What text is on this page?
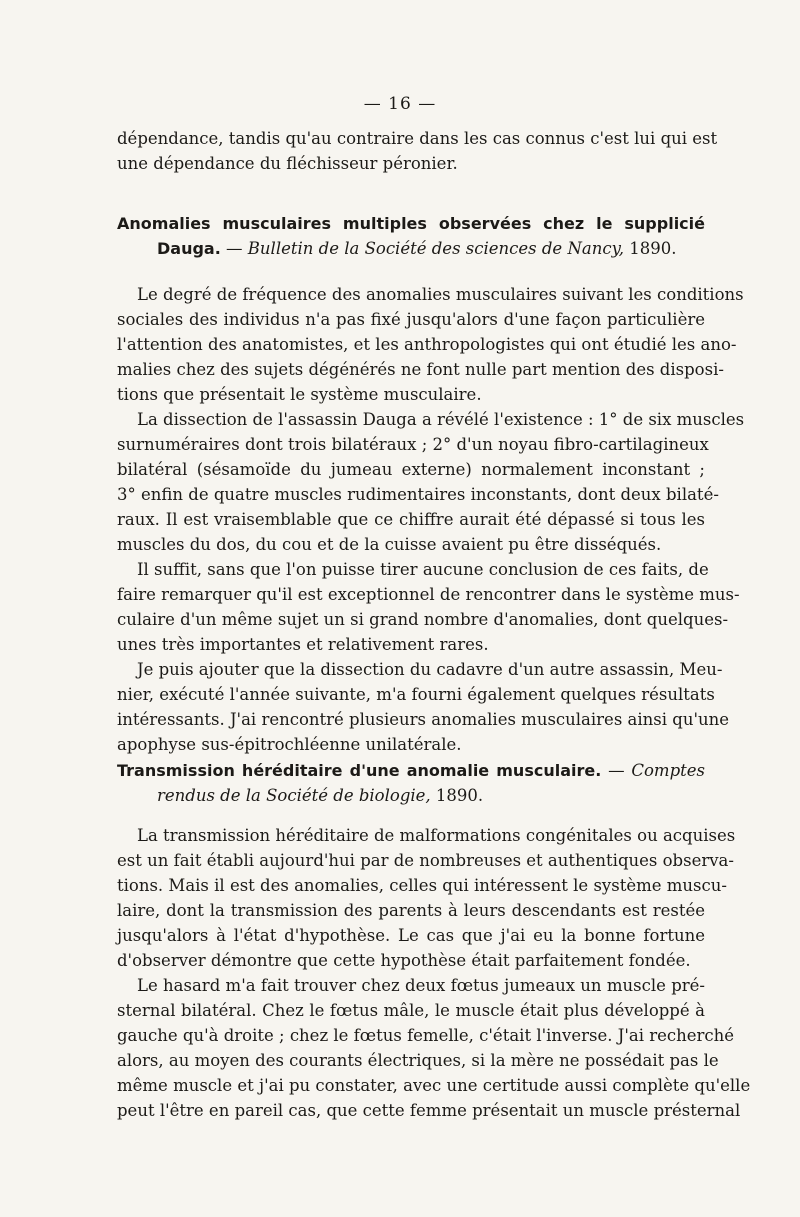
— 16 —
dépendance, tandis qu'au contraire dans les cas connus c'est lui qui est
une dépendance du fléchisseur péronier.
Anomalies musculaires multiples observées chez le supplicié
Dauga. — Bulletin de la Société des sciences de Nancy, 1890.
Le degré de fréquence des anomalies musculaires suivant les conditions
sociales des individus n'a pas fixé jusqu'alors d'une façon particulière
l'attention des anatomistes, et les anthropologistes qui ont étudié les ano-
malies chez des sujets dégénérés ne font nulle part mention des disposi-
tions que présentait le système musculaire.
La dissection de l'assassin Dauga a révélé l'existence : 1° de six muscles
surnuméraires dont trois bilatéraux ; 2° d'un noyau fibro-cartilagineux
bilatéral (sésamoïde du jumeau externe) normalement inconstant ;
3° enfin de quatre muscles rudimentaires inconstants, dont deux bilaté-
raux. Il est vraisemblable que ce chiffre aurait été dépassé si tous les
muscles du dos, du cou et de la cuisse avaient pu être disséqués.
Il suffit, sans que l'on puisse tirer aucune conclusion de ces faits, de
faire remarquer qu'il est exceptionnel de rencontrer dans le système mus-
culaire d'un même sujet un si grand nombre d'anomalies, dont quelques-
unes très importantes et relativement rares.
Je puis ajouter que la dissection du cadavre d'un autre assassin, Meu-
nier, exécuté l'année suivante, m'a fourni également quelques résultats
intéressants. J'ai rencontré plusieurs anomalies musculaires ainsi qu'une
apophyse sus-épitrochléenne unilatérale.
Transmission héréditaire d'une anomalie musculaire. — Comptes
rendus de la Société de biologie, 1890.
La transmission héréditaire de malformations congénitales ou acquises
est un fait établi aujourd'hui par de nombreuses et authentiques observa-
tions. Mais il est des anomalies, celles qui intéressent le système muscu-
laire, dont la transmission des parents à leurs descendants est restée
jusqu'alors à l'état d'hypothèse. Le cas que j'ai eu la bonne fortune
d'observer démontre que cette hypothèse était parfaitement fondée.
Le hasard m'a fait trouver chez deux fœtus jumeaux un muscle pré-
sternal bilatéral. Chez le fœtus mâle, le muscle était plus développé à
gauche qu'à droite ; chez le fœtus femelle, c'était l'inverse. J'ai recherché
alors, au moyen des courants électriques, si la mère ne possédait pas le
même muscle et j'ai pu constater, avec une certitude aussi complète qu'elle
peut l'être en pareil cas, que cette femme présentait un muscle présternal
